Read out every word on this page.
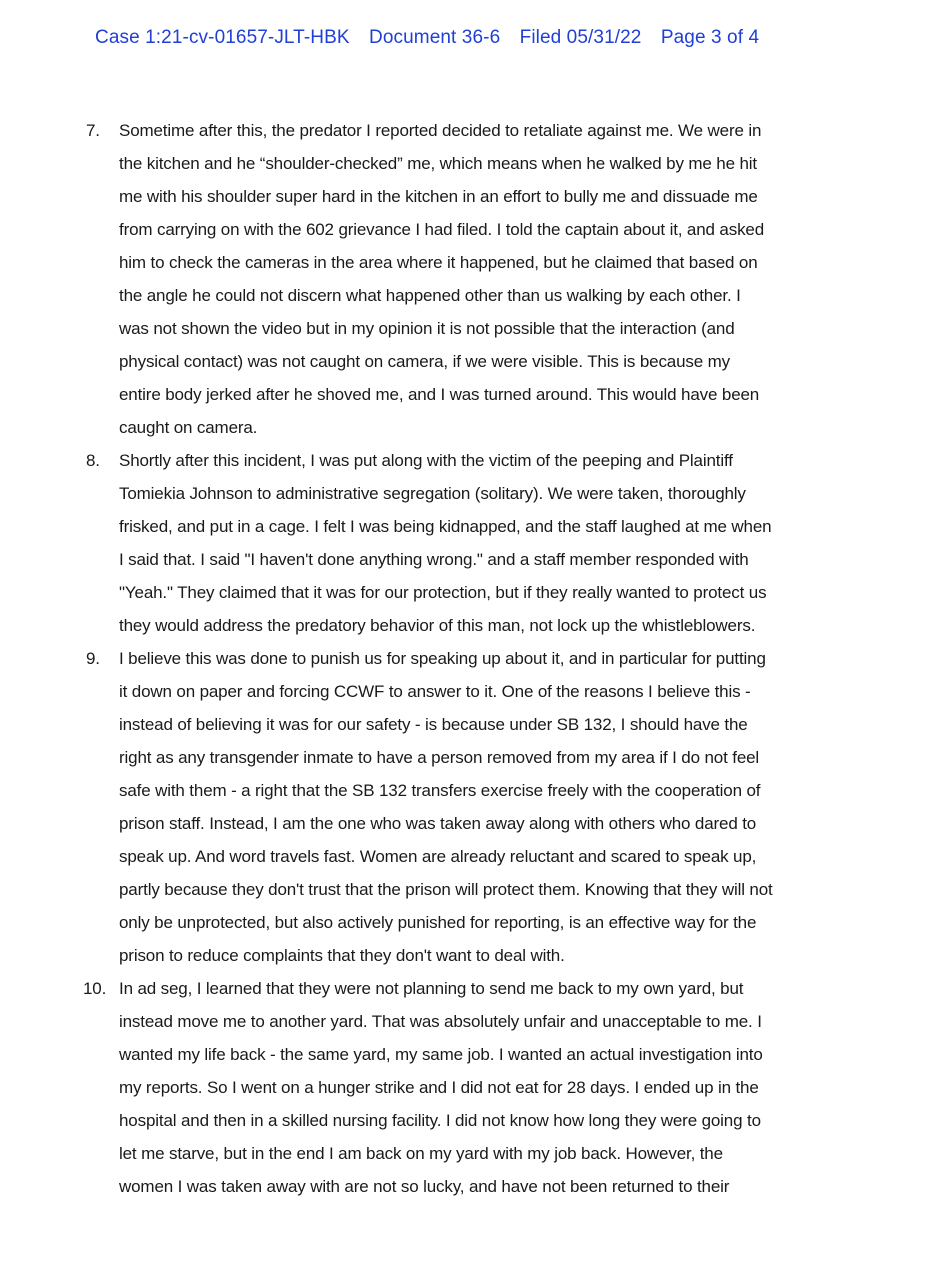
Case 1:21-cv-01657-JLT-HBK Document 36-6 Filed 05/31/22 Page 3 of 4
7.	Sometime after this, the predator I reported decided to retaliate against me. We were in
the kitchen and he “shoulder-checked” me, which means when he walked by me he hit
me with his shoulder super hard in the kitchen in an effort to bully me and dissuade me
from carrying on with the 602 grievance I had filed. I told the captain about it, and asked
him to check the cameras in the area where it happened, but he claimed that based on
the angle he could not discern what happened other than us walking by each other. I
was not shown the video but in my opinion it is not possible that the interaction (and
physical contact) was not caught on camera, if we were visible. This is because my
entire body jerked after he shoved me, and I was turned around. This would have been
caught on camera.
8.	Shortly after this incident, I was put along with the victim of the peeping and Plaintiff
Tomiekia Johnson to administrative segregation (solitary). We were taken, thoroughly
frisked, and put in a cage. I felt I was being kidnapped, and the staff laughed at me when
I said that. I said "I haven't done anything wrong." and a staff member responded with
"Yeah." They claimed that it was for our protection, but if they really wanted to protect us
they would address the predatory behavior of this man, not lock up the whistleblowers.
9.	I believe this was done to punish us for speaking up about it, and in particular for putting
it down on paper and forcing CCWF to answer to it. One of the reasons I believe this -
instead of believing it was for our safety - is because under SB 132, I should have the
right as any transgender inmate to have a person removed from my area if I do not feel
safe with them - a right that the SB 132 transfers exercise freely with the cooperation of
prison staff. Instead, I am the one who was taken away along with others who dared to
speak up. And word travels fast. Women are already reluctant and scared to speak up,
partly because they don't trust that the prison will protect them. Knowing that they will not
only be unprotected, but also actively punished for reporting, is an effective way for the
prison to reduce complaints that they don't want to deal with.
10. In ad seg, I learned that they were not planning to send me back to my own yard, but
instead move me to another yard. That was absolutely unfair and unacceptable to me. I
wanted my life back - the same yard, my same job. I wanted an actual investigation into
my reports. So I went on a hunger strike and I did not eat for 28 days. I ended up in the
hospital and then in a skilled nursing facility. I did not know how long they were going to
let me starve, but in the end I am back on my yard with my job back. However, the
women I was taken away with are not so lucky, and have not been returned to their
